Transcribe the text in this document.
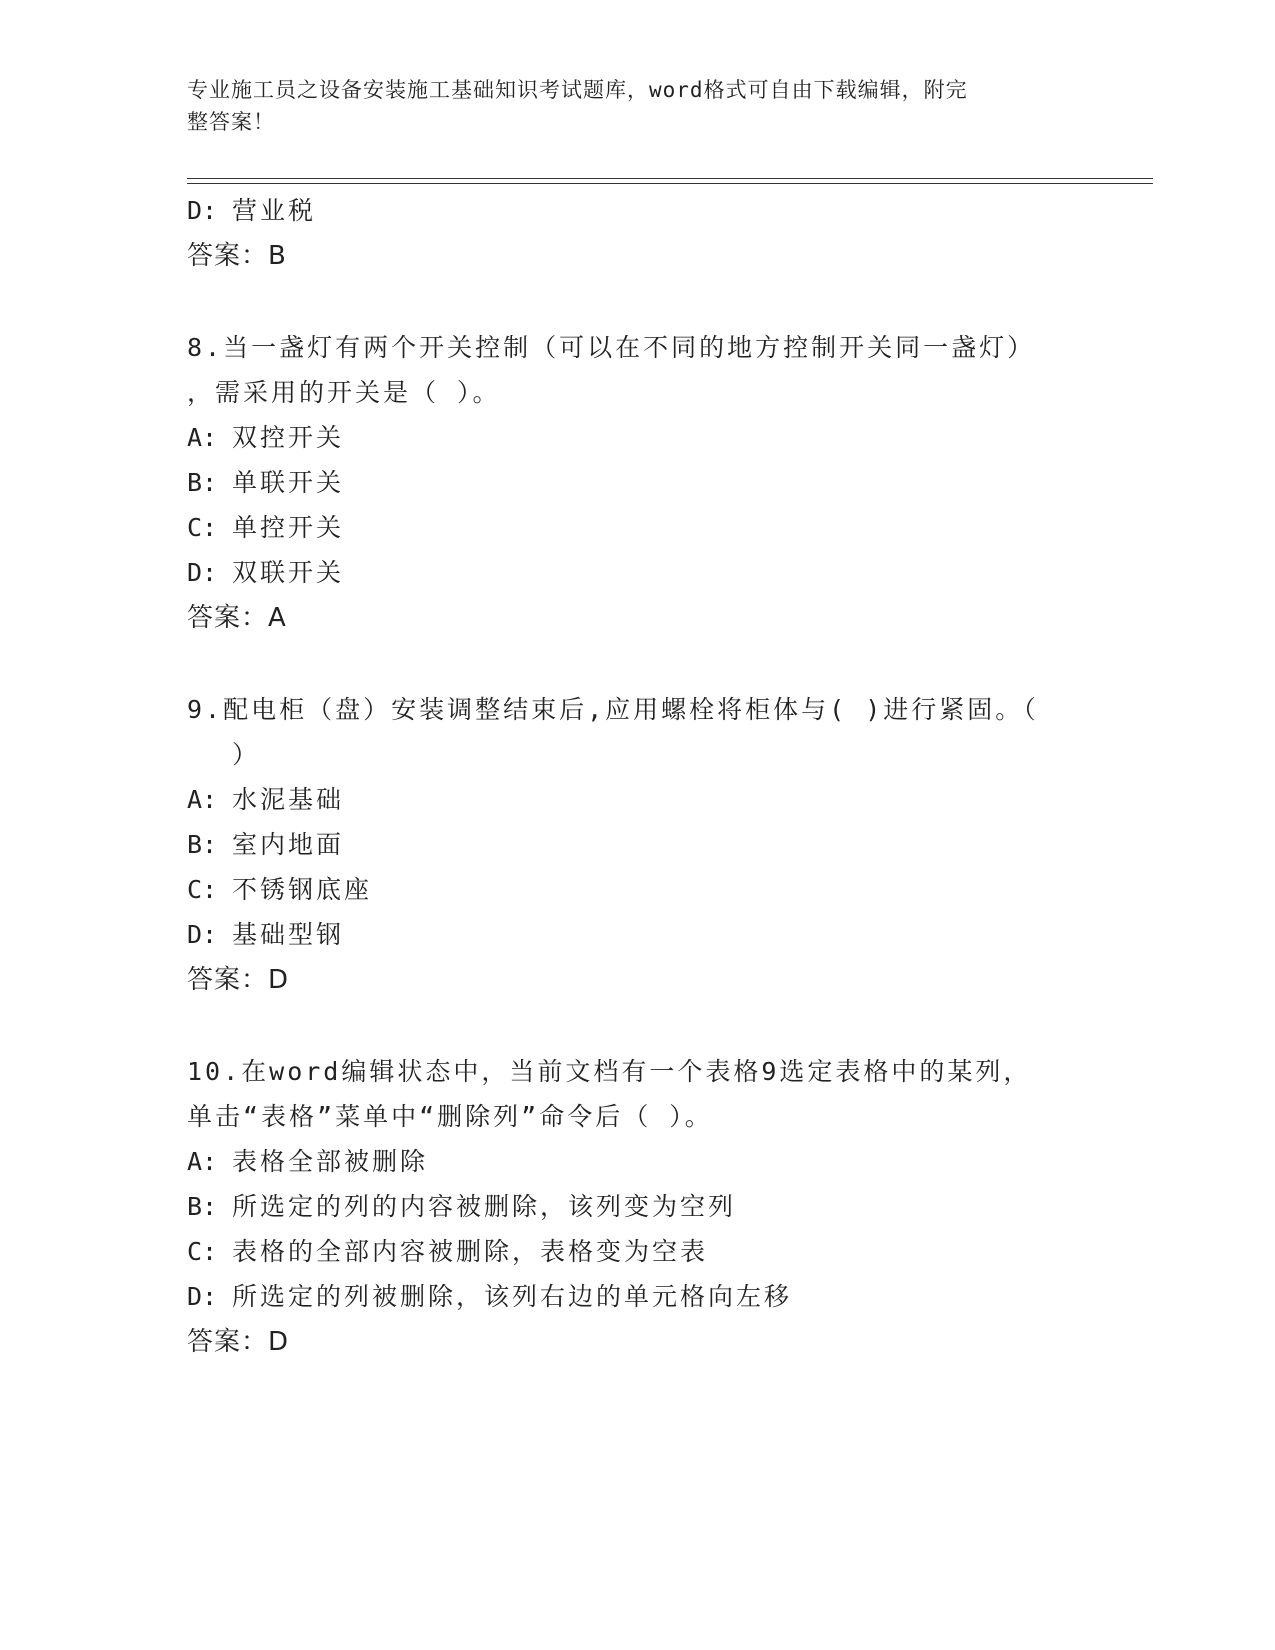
专业施工员之设备安装施工基础知识考试题库，word格式可自由下载编辑，附完
整答案！
D: 营业税
答案：B
8.当一盏灯有两个开关控制（可以在不同的地方控制开关同一盏灯）
，需采用的开关是（ ）。
A: 双控开关
B: 单联开关
C: 单控开关
D: 双联开关
答案：A
9.配电柜（盘）安装调整结束后,应用螺栓将柜体与( )进行紧固。（
）
A: 水泥基础
B: 室内地面
C: 不锈钢底座
D: 基础型钢
答案：D
10.在word编辑状态中，当前文档有一个表格9选定表格中的某列，
单击“表格”菜单中“删除列”命令后（ ）。
A: 表格全部被删除
B: 所选定的列的内容被删除，该列变为空列
C: 表格的全部内容被删除，表格变为空表
D: 所选定的列被删除，该列右边的单元格向左移
答案：D
